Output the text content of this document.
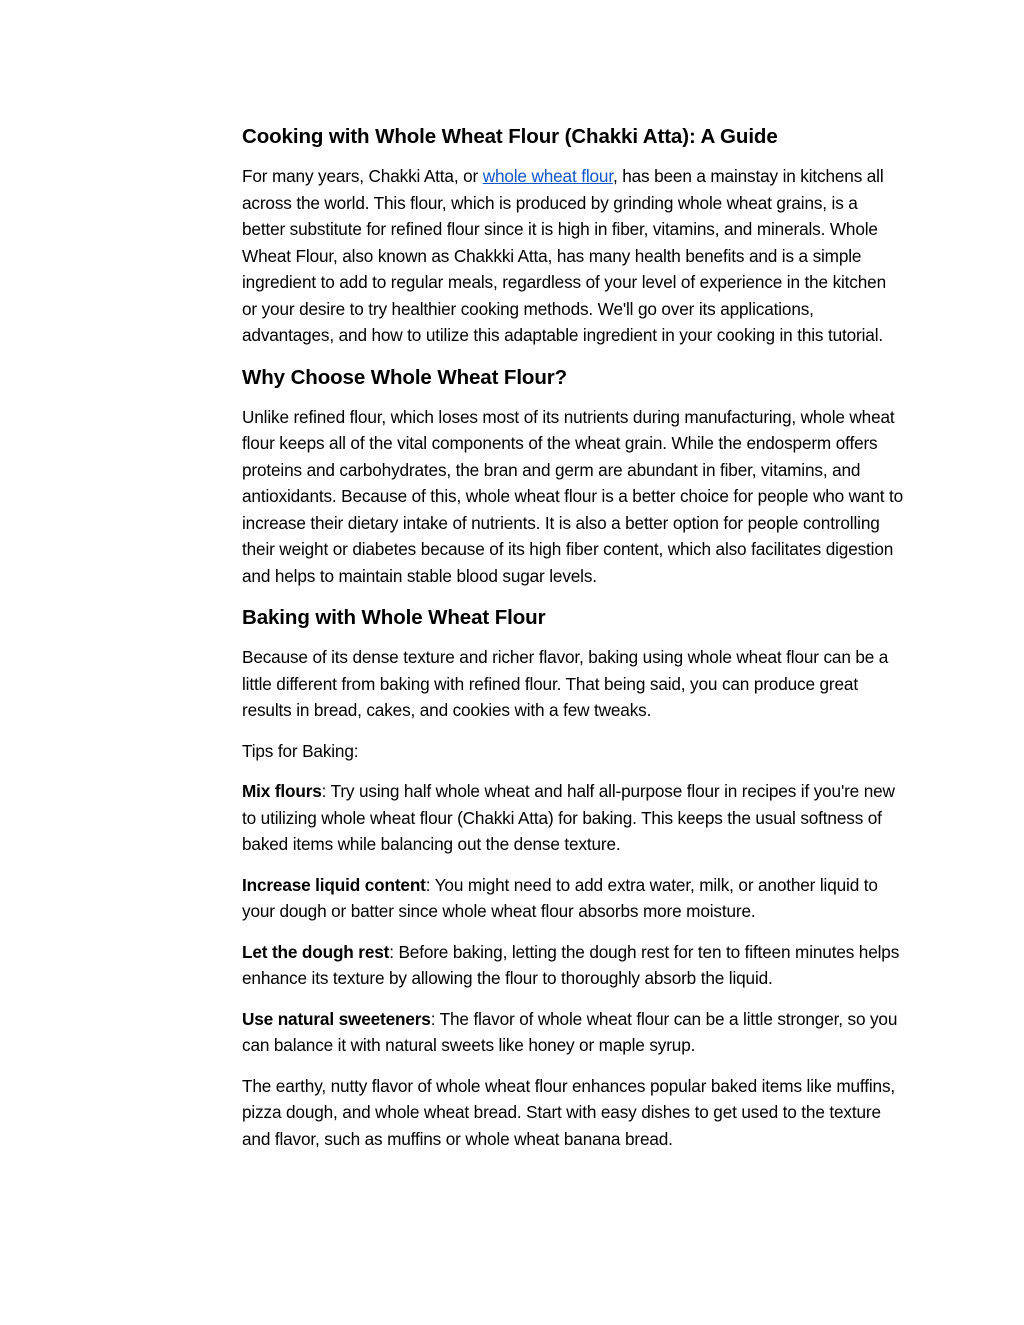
Cooking with Whole Wheat Flour (Chakki Atta): A Guide

For many years, Chakki Atta, or whole wheat flour, has been a mainstay in kitchens all across the world. This flour, which is produced by grinding whole wheat grains, is a better substitute for refined flour since it is high in fiber, vitamins, and minerals. Whole Wheat Flour, also known as Chakkki Atta, has many health benefits and is a simple ingredient to add to regular meals, regardless of your level of experience in the kitchen or your desire to try healthier cooking methods. We'll go over its applications, advantages, and how to utilize this adaptable ingredient in your cooking in this tutorial.

Why Choose Whole Wheat Flour?

Unlike refined flour, which loses most of its nutrients during manufacturing, whole wheat flour keeps all of the vital components of the wheat grain. While the endosperm offers proteins and carbohydrates, the bran and germ are abundant in fiber, vitamins, and antioxidants. Because of this, whole wheat flour is a better choice for people who want to increase their dietary intake of nutrients. It is also a better option for people controlling their weight or diabetes because of its high fiber content, which also facilitates digestion and helps to maintain stable blood sugar levels.

Baking with Whole Wheat Flour

Because of its dense texture and richer flavor, baking using whole wheat flour can be a little different from baking with refined flour. That being said, you can produce great results in bread, cakes, and cookies with a few tweaks.

Tips for Baking:

Mix flours: Try using half whole wheat and half all-purpose flour in recipes if you're new to utilizing whole wheat flour (Chakki Atta) for baking. This keeps the usual softness of baked items while balancing out the dense texture.

Increase liquid content: You might need to add extra water, milk, or another liquid to your dough or batter since whole wheat flour absorbs more moisture.

Let the dough rest: Before baking, letting the dough rest for ten to fifteen minutes helps enhance its texture by allowing the flour to thoroughly absorb the liquid.

Use natural sweeteners: The flavor of whole wheat flour can be a little stronger, so you can balance it with natural sweets like honey or maple syrup.

The earthy, nutty flavor of whole wheat flour enhances popular baked items like muffins, pizza dough, and whole wheat bread. Start with easy dishes to get used to the texture and flavor, such as muffins or whole wheat banana bread.
